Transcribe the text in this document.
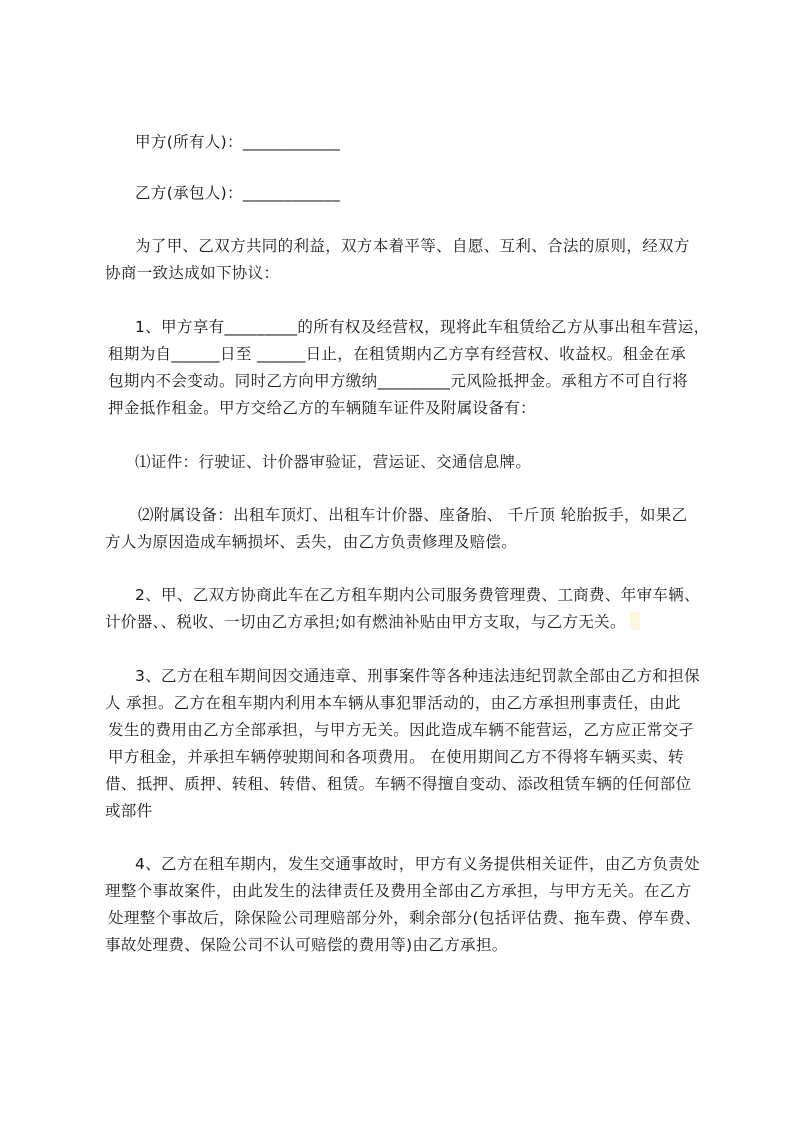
甲方(所有人)：____________
乙方(承包人)：____________
为了甲、乙双方共同的利益，双方本着平等、自愿、互利、合法的原则，经双方
协商一致达成如下协议：
1、甲方享有_________的所有权及经营权，现将此车租赁给乙方从事出租车营运，
租期为自______日至 ______日止，在租赁期内乙方享有经营权、收益权。租金在承
包期内不会变动。同时乙方向甲方缴纳_________元风险抵押金。承租方不可自行将
押金抵作租金。甲方交给乙方的车辆随车证件及附属设备有：
⑴证件：行驶证、计价器审验证，营运证、交通信息牌。
⑵附属设备：出租车顶灯、出租车计价器、座备胎、 千斤顶 轮胎扳手，如果乙
方人为原因造成车辆损坏、丢失，由乙方负责修理及赔偿。
2、甲、乙双方协商此车在乙方租车期内公司服务费管理费、工商费、年审车辆、
计价器、、税收、一切由乙方承担;如有燃油补贴由甲方支取，与乙方无关。
3、乙方在租车期间因交通违章、刑事案件等各种违法违纪罚款全部由乙方和担保
人 承担。乙方在租车期内利用本车辆从事犯罪活动的，由乙方承担刑事责任，由此
发生的费用由乙方全部承担，与甲方无关。因此造成车辆不能营运，乙方应正常交孑
甲方租金，并承担车辆停驶期间和各项费用。 在使用期间乙方不得将车辆买卖、转
借、抵押、质押、转租、转借、租赁。车辆不得擅自变动、添改租赁车辆的任何部位
或部件
4、乙方在租车期内，发生交通事故时，甲方有义务提供相关证件，由乙方负责处
理整个事故案件，由此发生的法律责任及费用全部由乙方承担，与甲方无关。在乙方
处理整个事故后，除保险公司理赔部分外，剩余部分(包括评估费、拖车费、停车费、
事故处理费、保险公司不认可赔偿的费用等)由乙方承担。
